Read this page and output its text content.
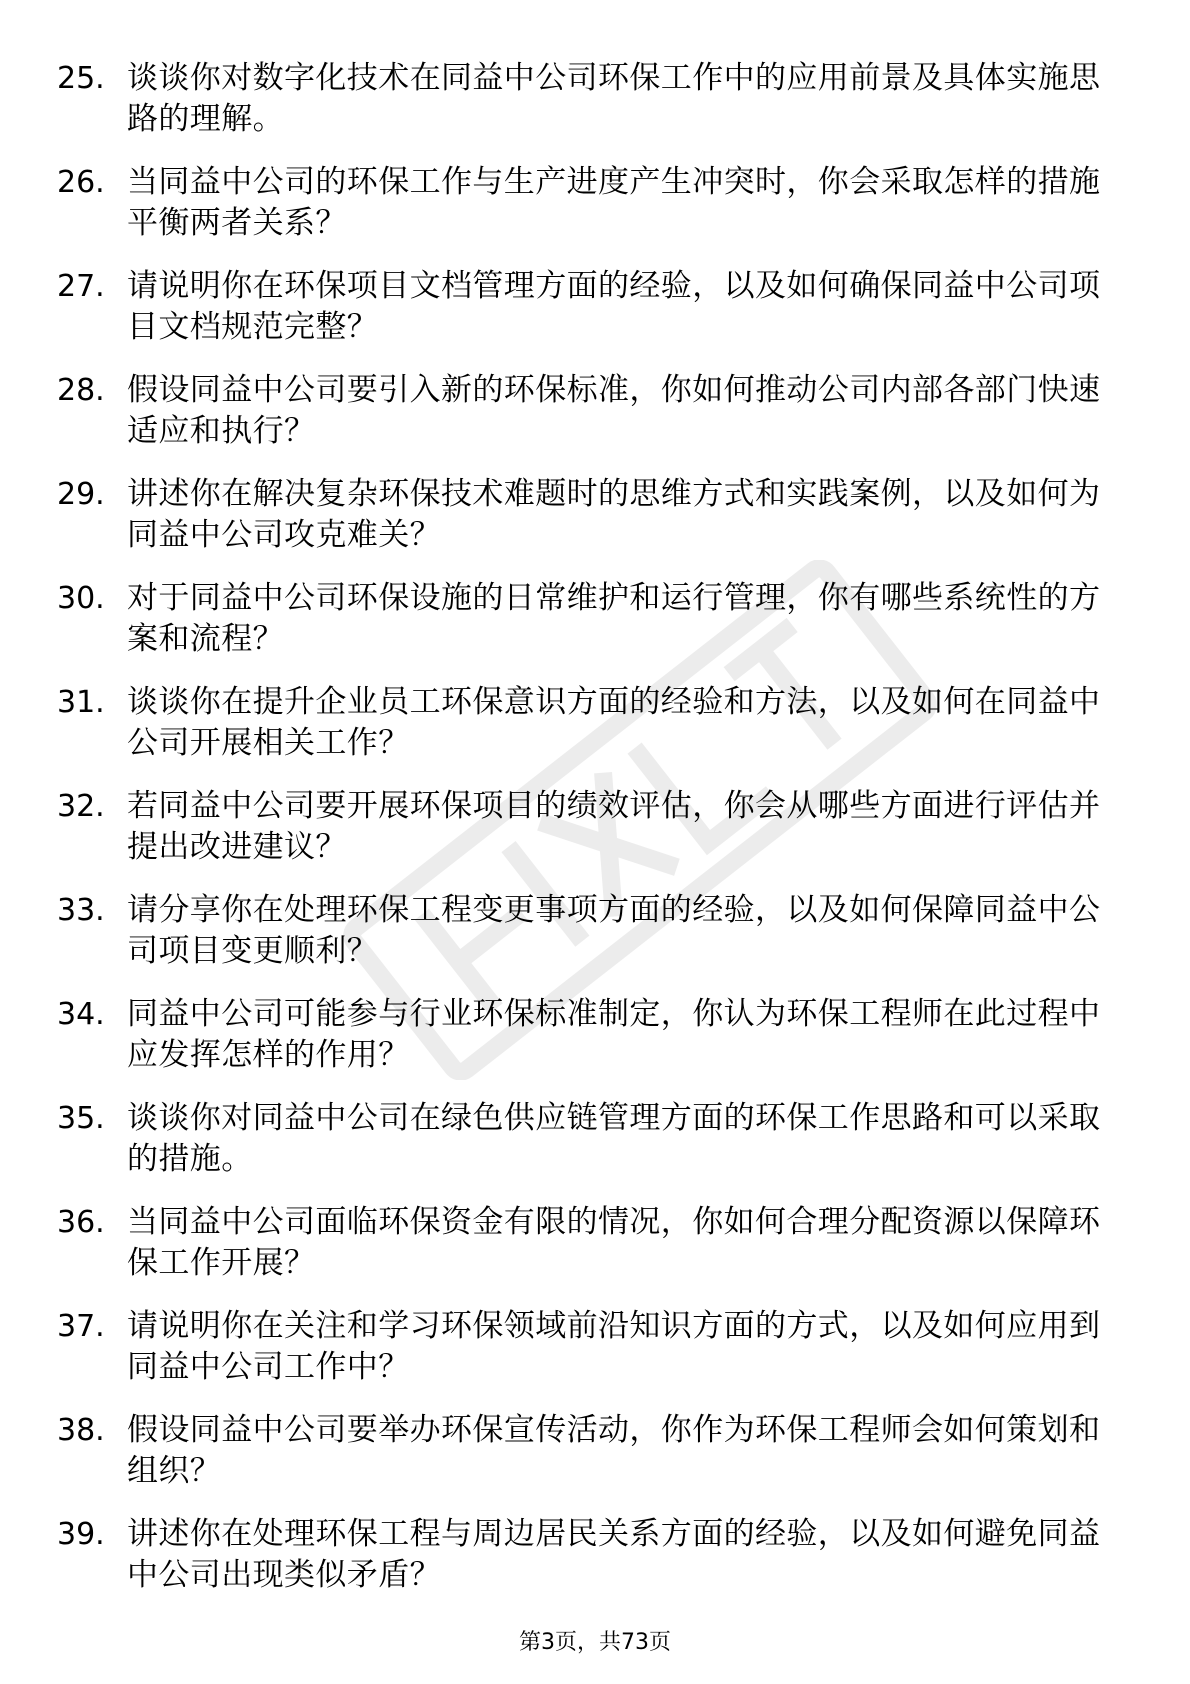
25. 谈谈你对数字化技术在同益中公司环保工作中的应用前景及具体实施思路的理解。
26. 当同益中公司的环保工作与生产进度产生冲突时，你会采取怎样的措施平衡两者关系？
27. 请说明你在环保项目文档管理方面的经验，以及如何确保同益中公司项目文档规范完整？
28. 假设同益中公司要引入新的环保标准，你如何推动公司内部各部门快速适应和执行？
29. 讲述你在解决复杂环保技术难题时的思维方式和实践案例，以及如何为同益中公司攻克难关？
30. 对于同益中公司环保设施的日常维护和运行管理，你有哪些系统性的方案和流程？
31. 谈谈你在提升企业员工环保意识方面的经验和方法，以及如何在同益中公司开展相关工作？
32. 若同益中公司要开展环保项目的绩效评估，你会从哪些方面进行评估并提出改进建议？
33. 请分享你在处理环保工程变更事项方面的经验，以及如何保障同益中公司项目变更顺利？
34. 同益中公司可能参与行业环保标准制定，你认为环保工程师在此过程中应发挥怎样的作用？
35. 谈谈你对同益中公司在绿色供应链管理方面的环保工作思路和可以采取的措施。
36. 当同益中公司面临环保资金有限的情况，你如何合理分配资源以保障环保工作开展？
37. 请说明你在关注和学习环保领域前沿知识方面的方式，以及如何应用到同益中公司工作中？
38. 假设同益中公司要举办环保宣传活动，你作为环保工程师会如何策划和组织？
39. 讲述你在处理环保工程与周边居民关系方面的经验，以及如何避免同益中公司出现类似矛盾？
第3页，共73页
